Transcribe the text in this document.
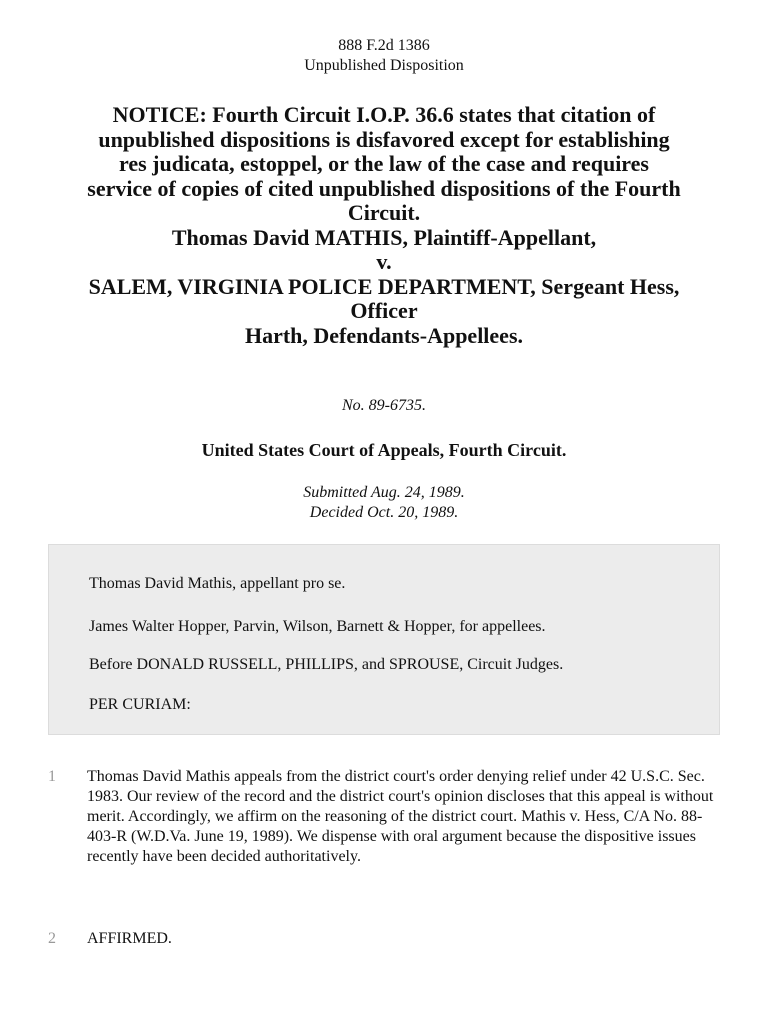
888 F.2d 1386
Unpublished Disposition
NOTICE: Fourth Circuit I.O.P. 36.6 states that citation of
unpublished dispositions is disfavored except for establishing
res judicata, estoppel, or the law of the case and requires
service of copies of cited unpublished dispositions of the Fourth
Circuit.
Thomas David MATHIS, Plaintiff-Appellant,
v.
SALEM, VIRGINIA POLICE DEPARTMENT, Sergeant Hess,
Officer
Harth, Defendants-Appellees.
No. 89-6735.
United States Court of Appeals, Fourth Circuit.
Submitted Aug. 24, 1989.
Decided Oct. 20, 1989.

Thomas David Mathis, appellant pro se.

James Walter Hopper, Parvin, Wilson, Barnett & Hopper, for appellees.

Before DONALD RUSSELL, PHILLIPS, and SPROUSE, Circuit Judges.

PER CURIAM:

1 Thomas David Mathis appeals from the district court's order denying relief under 42 U.S.C. Sec. 1983. Our review of the record and the district court's opinion discloses that this appeal is without merit. Accordingly, we affirm on the reasoning of the district court. Mathis v. Hess, C/A No. 88-403-R (W.D.Va. June 19, 1989). We dispense with oral argument because the dispositive issues recently have been decided authoritatively.
2 AFFIRMED.
